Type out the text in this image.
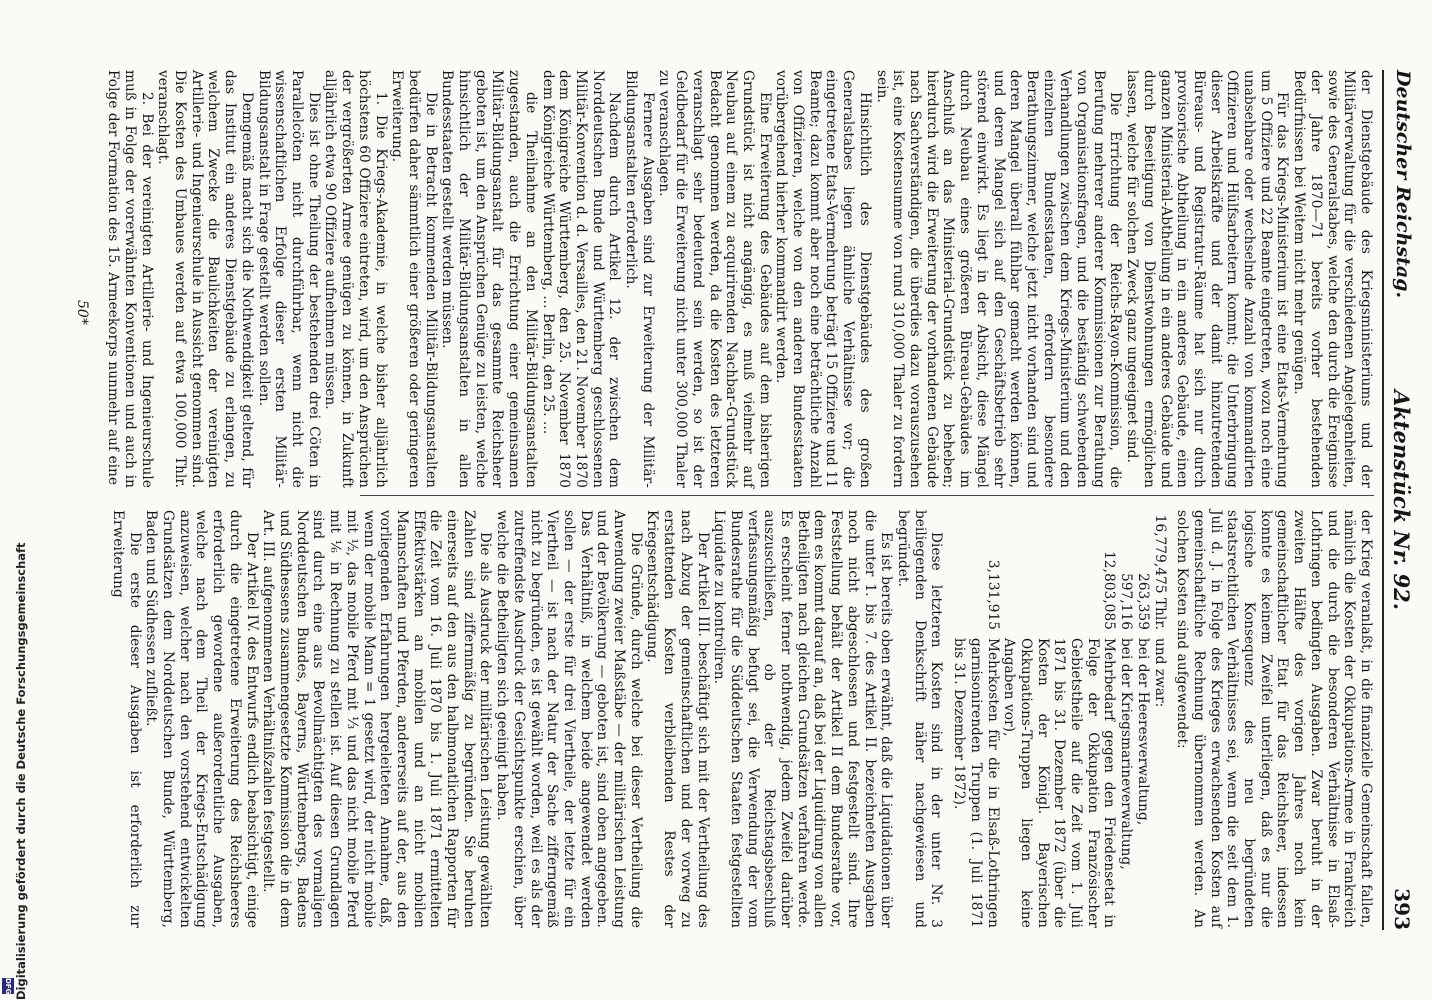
Deutscher Reichstag.
Aktenstück Nr. 92.
393

der Krieg veranlaßt, in die finanzielle Gemeinschaft fallen, nämlich die Kosten der Okkupations-Armee in Frankreich und die durch die besonderen Verhältnisse in Elsaß-Lothringen bedingten Ausgaben. Zwar beruht in der zweiten Hälfte des vorigen Jahres noch kein gemeinschaftlicher Etat für das Reichsheer, indessen konnte es keinem Zweifel unterliegen, daß es nur die logische Konsequenz des neu begründeten staatsrechtlichen Verhältnisses sei, wenn die seit dem 1. Juli d. J. in Folge des Krieges erwachsenden Kosten auf gemeinschaftliche Rechnung übernommen werden. An solchen Kosten sind aufgewendet:

16,779,475 Thlr.
und zwar:
263,359
bei der Heeresverwaltung,
597,116
bei der Kriegsmarineverwaltung,
12,803,085
Mehrbedarf gegen den Friedensetat in Folge der Okkupation Französischer Gebietstheile auf die Zeit vom 1. Juli 1871 bis 31. Dezember 1872 (über die Kosten der Königl. Bayerischen Okkupations-Truppen liegen keine Angaben vor),
3,131,915
Mehrkosten für die in Elsaß-Lothringen garnisonirenden Truppen (1. Juli 1871 bis 31. Dezember 1872).

Diese letzteren Kosten sind in der unter Nr. 3 beiliegenden Denkschrift näher nachgewiesen und begründet.

Es ist bereits oben erwähnt, daß die Liquidationen über die unter 1. bis 7. des Artikel II. bezeichneten Ausgaben noch nicht abgeschlossen und festgestellt sind. Ihre Feststellung behält der Artikel II dem Bundesrathe vor, dem es kommt darauf an, daß bei der Liquidirung von allen Betheiligten nach gleichen Grundsätzen verfahren werde. Es erscheint ferner nothwendig, jedem Zweifel darüber auszuschließen, ob der Reichstagsbeschluß verfassungsmäßig befugt sei, die Verwendung der vom Bundesrathe für die Süddeutschen Staaten festgestellten Liquidate zu kontroliren.

Der Artikel III. beschäftigt sich mit der Vertheilung des nach Abzug der gemeinschaftlichen und der vorweg zu erstattenden Kosten verbleibenden Restes der Kriegsentschädigung.

Die Gründe, durch welche bei dieser Vertheilung die Anwendung zweier Maßstäbe — der militärischen Leistung und der Bevölkerung — geboten ist, sind oben angegeben. Das Verhältniß, in welchem beide angewendet werden sollen — der erste für drei Viertheile, der letzte für ein Viertheil — ist nach der Natur der Sache zifferngemäß nicht zu begründen, es ist gewählt worden, weil es als der zutreffendste Ausdruck der Gesichtspunkte erschien, über welche die Betheiligten sich geeinigt haben.

Die als Ausdruck der militärischen Leistung gewählten Zahlen sind ziffernmäßig zu begründen. Sie beruhen einerseits auf den aus den halbmonatlichen Rapporten für die Zeit vom 16. Juli 1870 bis 1. Juli 1871 ermittelten Effektivstärken an mobilen und an nicht mobilen Mannschaften und Pferden, andererseits auf der, aus den vorliegenden Erfahrungen hergeleiteten Annahme, daß, wenn der mobile Mann = 1 gesetzt wird, der nicht mobile mit ½, das mobile Pferd mit ⅓ und das nicht mobile Pferd mit ⅙ in Rechnung zu stellen ist. Auf diesen Grundlagen sind durch eine aus Bevollmächtigten des vormaligen Norddeutschen Bundes, Bayerns, Württembergs, Badens und Südhessens zusammengesetzte Kommission die in dem Art. III. aufgenommenen Verhältnißzahlen festgestellt.

Der Artikel IV. des Entwurfs endlich beabsichtigt, einige durch die eingetretene Erweiterung des Reichsheeres erforderlich gewordene außerordentliche Ausgaben, welche nach dem Theil der Kriegs-Entschädigung anzuweisen, welcher nach den vorstehend entwickelten Grundsätzen dem Norddeutschen Bunde, Württemberg, Baden und Südhessen zufließt.

Die erste dieser Ausgaben ist erforderlich zur Erweiterung

der Dienstgebäude des Kriegsministeriums und der Militärverwaltung für die verschiedenen Angelegenheiten, sowie des Generalstabes, welche den durch die Ereignisse der Jahre 1870—71 bereits vorher bestehenden Bedürfnissen bei Weitem nicht mehr genügen.

Für das Kriegs-Ministerium ist eine Etats-Vermehrung um 5 Offiziere und 22 Beamte eingetreten, wozu noch eine unabsehbare oder wechselnde Anzahl von kommandirten Offizieren und Hülfsarbeitern kommt; die Unterbringung dieser Arbeitskräfte und der damit hinzutretenden Büreaus- und Registratur-Räume hat sich nur durch provisorische Abtheilung in ein anderes Gebäude, einen ganzen Ministerial-Abtheilung in ein anderes Gebäude und durch Beseitigung von Dienstwohnungen ermöglichen lassen, welche für solchen Zweck ganz ungeeignet sind.

Die Errichtung der Reichs-Rayon-Kommission, die Berufung mehrerer anderer Kommissionen zur Berathung von Organisationsfragen, und die beständig schwebenden Verhandlungen zwischen dem Kriegs-Ministerium und den einzelnen Bundesstaaten, erfordern besondere Berathungszimmer, welche jetzt nicht vorhanden sind und deren Mangel überall fühlbar gemacht werden können, und deren Mangel sich auf den Geschäftsbetrieb sehr störend einwirkt. Es liegt in der Absicht, diese Mängel durch Neubau eines größeren Büreau-Gebäudes im Anschluß an das Ministerial-Grundstück zu beheben; hierdurch wird die Erweiterung der vorhandenen Gebäude nach Sachverständigen, die überdies dazu vorauszusehen ist, eine Kostensumme von rund 310,000 Thaler zu fordern sein.

Hinsichtlich des Dienstgebäudes des großen Generalstabes liegen ähnliche Verhältnisse vor; die eingetretene Etats-Vermehrung beträgt 15 Offiziere und 11 Beamte; dazu kommt aber noch eine beträchtliche Anzahl von Offizieren, welche von den anderen Bundesstaaten vorübergehend hierher kommandirt werden.

Eine Erweiterung des Gebäudes auf dem bisherigen Grundstück ist nicht angängig, es muß vielmehr auf Neubau auf einem zu acquirirenden Nachbar-Grundstück Bedacht genommen werden, da die Kosten des letzteren veranschlagt sehr bedeutend sein werden, so ist der Geldbedarf für die Erweiterung nicht unter 300,000 Thaler zu veranschlagen.

Fernere Ausgaben sind zur Erweiterung der Militär-Bildungsanstalten erforderlich.

Nachdem durch Artikel 12. der zwischen dem Norddeutschen Bunde und Württemberg geschlossenen Militär-Konvention d. d. Versailles, den 21. November 1870 dem Königreiche Württemberg, den 25. November 1870 dem Königreiche Württemberg, ... Berlin, den 25. ...

die Theilnahme an den Militär-Bildungsanstalten zugestanden, auch die Errichtung einer gemeinsamen Militär-Bildungsanstalt für das gesammte Reichsheer geboten ist, um den Ansprüchen Genüge zu leisten, welche hinsichtlich der Militär-Bildungsanstalten in allen Bundesstaaten gestellt werden müssen.

Die in Betracht kommenden Militär-Bildungsanstalten bedürfen daher sämmtlich einer größeren oder geringeren Erweiterung.

1. Die Kriegs-Akademie, in welche bisher alljährlich höchstens 60 Offiziere eintreten, wird, um den Ansprüchen der vergrößerten Armee genügen zu können, in Zukunft alljährlich etwa 90 Offiziere aufnehmen müssen.

Dies ist ohne Theilung der bestehenden drei Cöten in Parallelcöten nicht durchführbar, wenn nicht die wissenschaftlichen Erfolge dieser ersten Militär-Bildungsanstalt in Frage gestellt werden sollen.

Demgemäß macht sich die Nothwendigkeit geltend, für das Institut ein anderes Dienstgebäude zu erlangen, zu welchem Zwecke die Baulichkeiten der vereinigten Artillerie- und Ingenieurschule in Aussicht genommen sind. Die Kosten des Umbaues werden auf etwa 100,000 Thlr. veranschlagt.

2. Bei der vereinigten Artillerie- und Ingenieurschule muß in Folge der vorerwähnten Konventionen und auch in Folge der Formation des 15. Armeekorps nunmehr auf eine

50*
Digitalisierung gefördert durch die Deutsche Forschungsgemeinschaft
DFG
